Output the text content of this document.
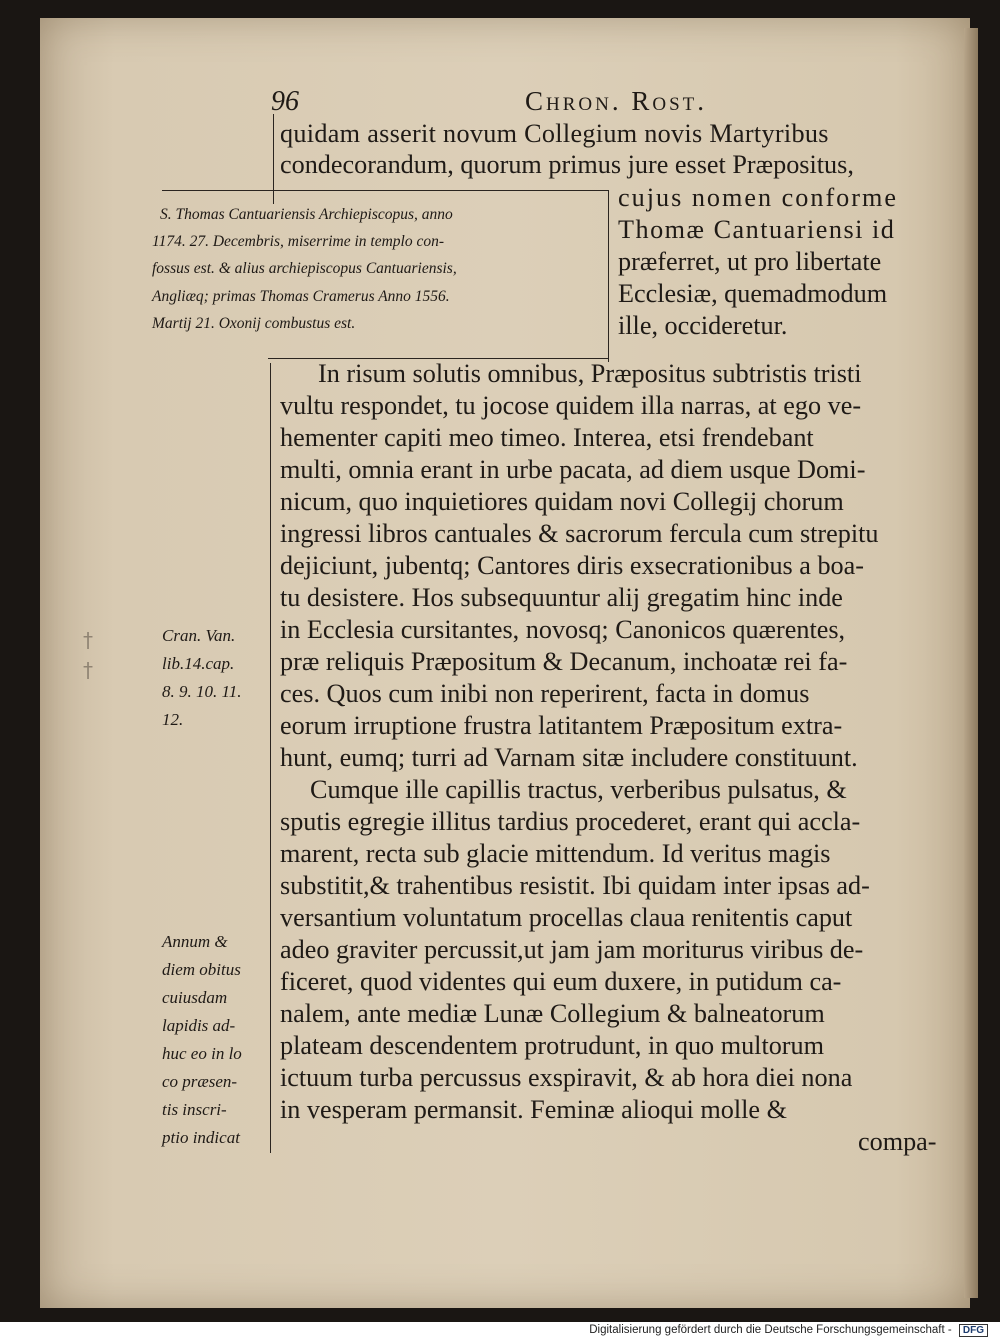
96	Chron. Rost.
quidam asserit novum Collegium novis Martyribus
condecorandum, quorum primus jure esset Præpositus,
S. Thomas Cantuariensis Archiepiscopus, anno
1174. 27. Decembris, miserrime in templo con-
fossus est. & alius archiepiscopus Cantuariensis,
Angliæq; primas Thomas Cramerus Anno 1556.
Martij 21. Oxonij combustus est.
cujus nomen conforme
Thomæ Cantuariensi id
præferret, ut pro libertate
Ecclesiæ, quemadmodum
ille, occideretur.
In risum solutis omnibus, Præpositus subtristis tristi
vultu respondet, tu jocose quidem illa narras, at ego ve-
hementer capiti meo timeo. Interea, etsi frendebant
multi, omnia erant in urbe pacata, ad diem usque Domi-
nicum, quo inquietiores quidam novi Collegij chorum
ingressi libros cantuales & sacrorum fercula cum strepitu
dejiciunt, jubentq; Cantores diris exsecrationibus a boa-
tu desistere. Hos subsequuntur alij gregatim hinc inde
in Ecclesia cursitantes, novosq; Canonicos quærentes,
præ reliquis Præpositum & Decanum, inchoatæ rei fa-
ces. Quos cum inibi non reperirent, facta in domus
eorum irruptione frustra latitantem Præpositum extra-
hunt, eumq; turri ad Varnam sitæ includere constituunt.
Cumque ille capillis tractus, verberibus pulsatus, &
sputis egregie illitus tardius procederet, erant qui accla-
marent, recta sub glacie mittendum. Id veritus magis
substitit,& trahentibus resistit. Ibi quidam inter ipsas ad-
versantium voluntatum procellas claua renitentis caput
adeo graviter percussit,ut jam jam moriturus viribus de-
ficeret, quod videntes qui eum duxere, in putidum ca-
nalem, ante mediæ Lunæ Collegium & balneatorum
plateam descendentem protrudunt, in quo multorum
ictuum turba percussus exspiravit, & ab hora diei nona
in vesperam permansit. Feminæ alioqui molle &
compa-
Cran. Van.
lib.14.cap.
8. 9. 10. 11.
12.
Annum &
diem obitus
cuiusdam
lapidis ad-
huc eo in lo
co præsen-
tis inscri-
ptio indicat
†
†
Digitalisierung gefördert durch die Deutsche Forschungsgemeinschaft - DFG
